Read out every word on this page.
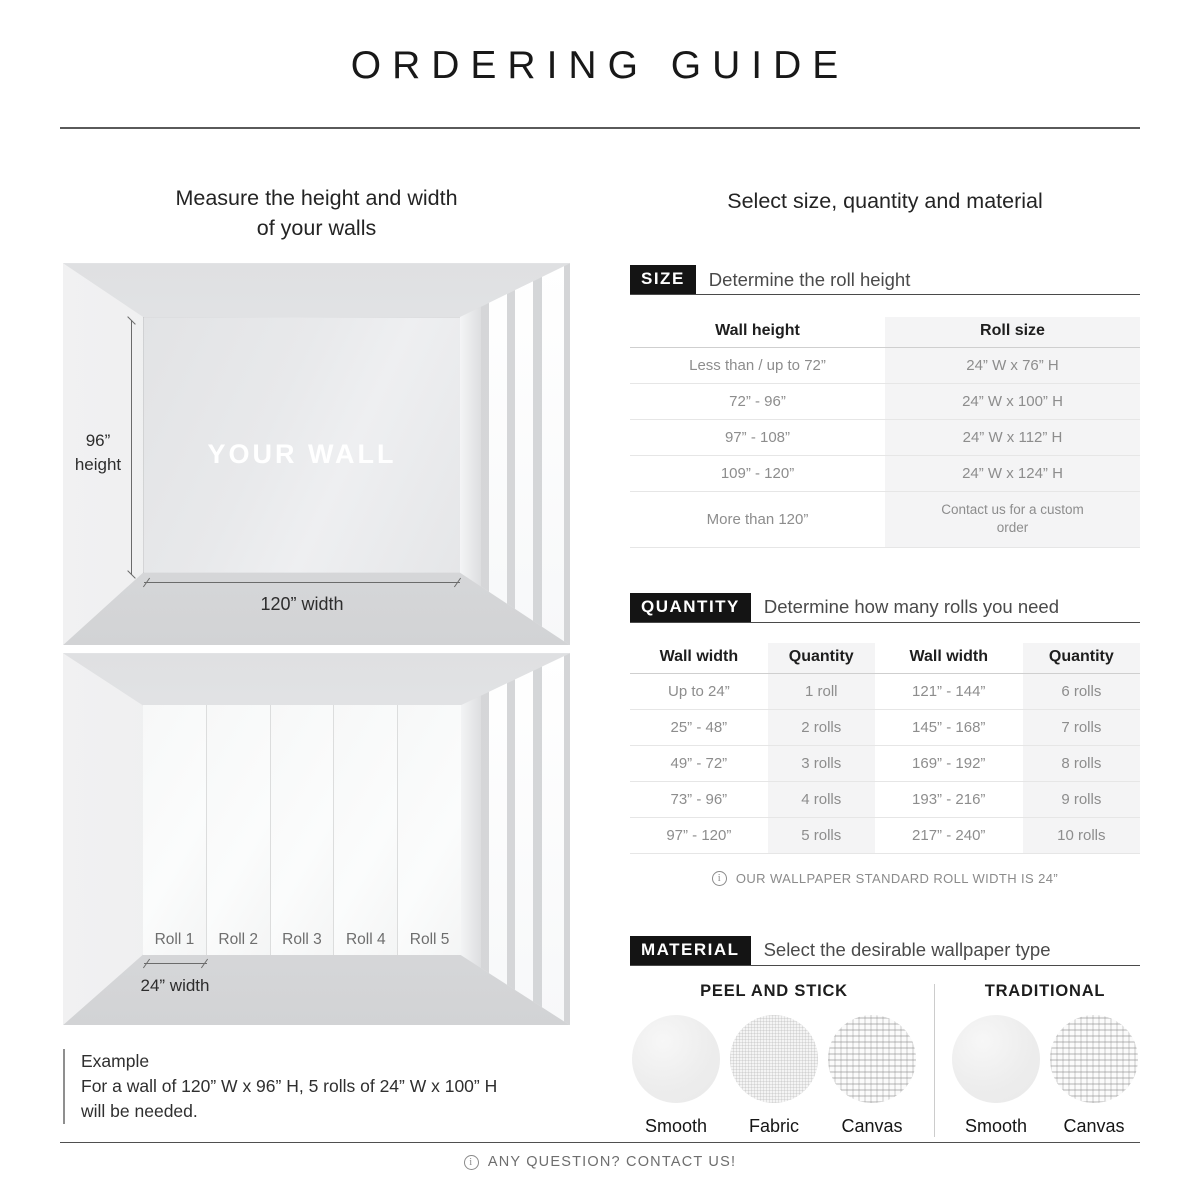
ORDERING GUIDE
Measure the height and width
of your walls
YOUR WALL
96”
height
120” width
Roll 1	Roll 2	Roll 3	Roll 4	Roll 5
24” width
Example
For a wall of 120” W x 96” H, 5 rolls of 24” W x 100” H
will be needed.
Select size, quantity and material
SIZE	Determine the roll height
Wall height	Roll size
Less than / up to 72”	24” W x 76” H
72” - 96”	24” W x 100” H
97” - 108”	24” W x 112” H
109” - 120”	24” W x 124” H
More than 120”	Contact us for a custom order
QUANTITY	Determine how many rolls you need
Wall width	Quantity	Wall width	Quantity
Up to 24”	1 roll	121” - 144”	6 rolls
25” - 48”	2 rolls	145” - 168”	7 rolls
49” - 72”	3 rolls	169” - 192”	8 rolls
73” - 96”	4 rolls	193” - 216”	9 rolls
97” - 120”	5 rolls	217” - 240”	10 rolls
i
OUR WALLPAPER STANDARD ROLL WIDTH IS 24”
MATERIAL	Select the desirable wallpaper type
PEEL AND STICK
Smooth Fabric Canvas
TRADITIONAL
Smooth Canvas
i
ANY QUESTION? CONTACT US!
